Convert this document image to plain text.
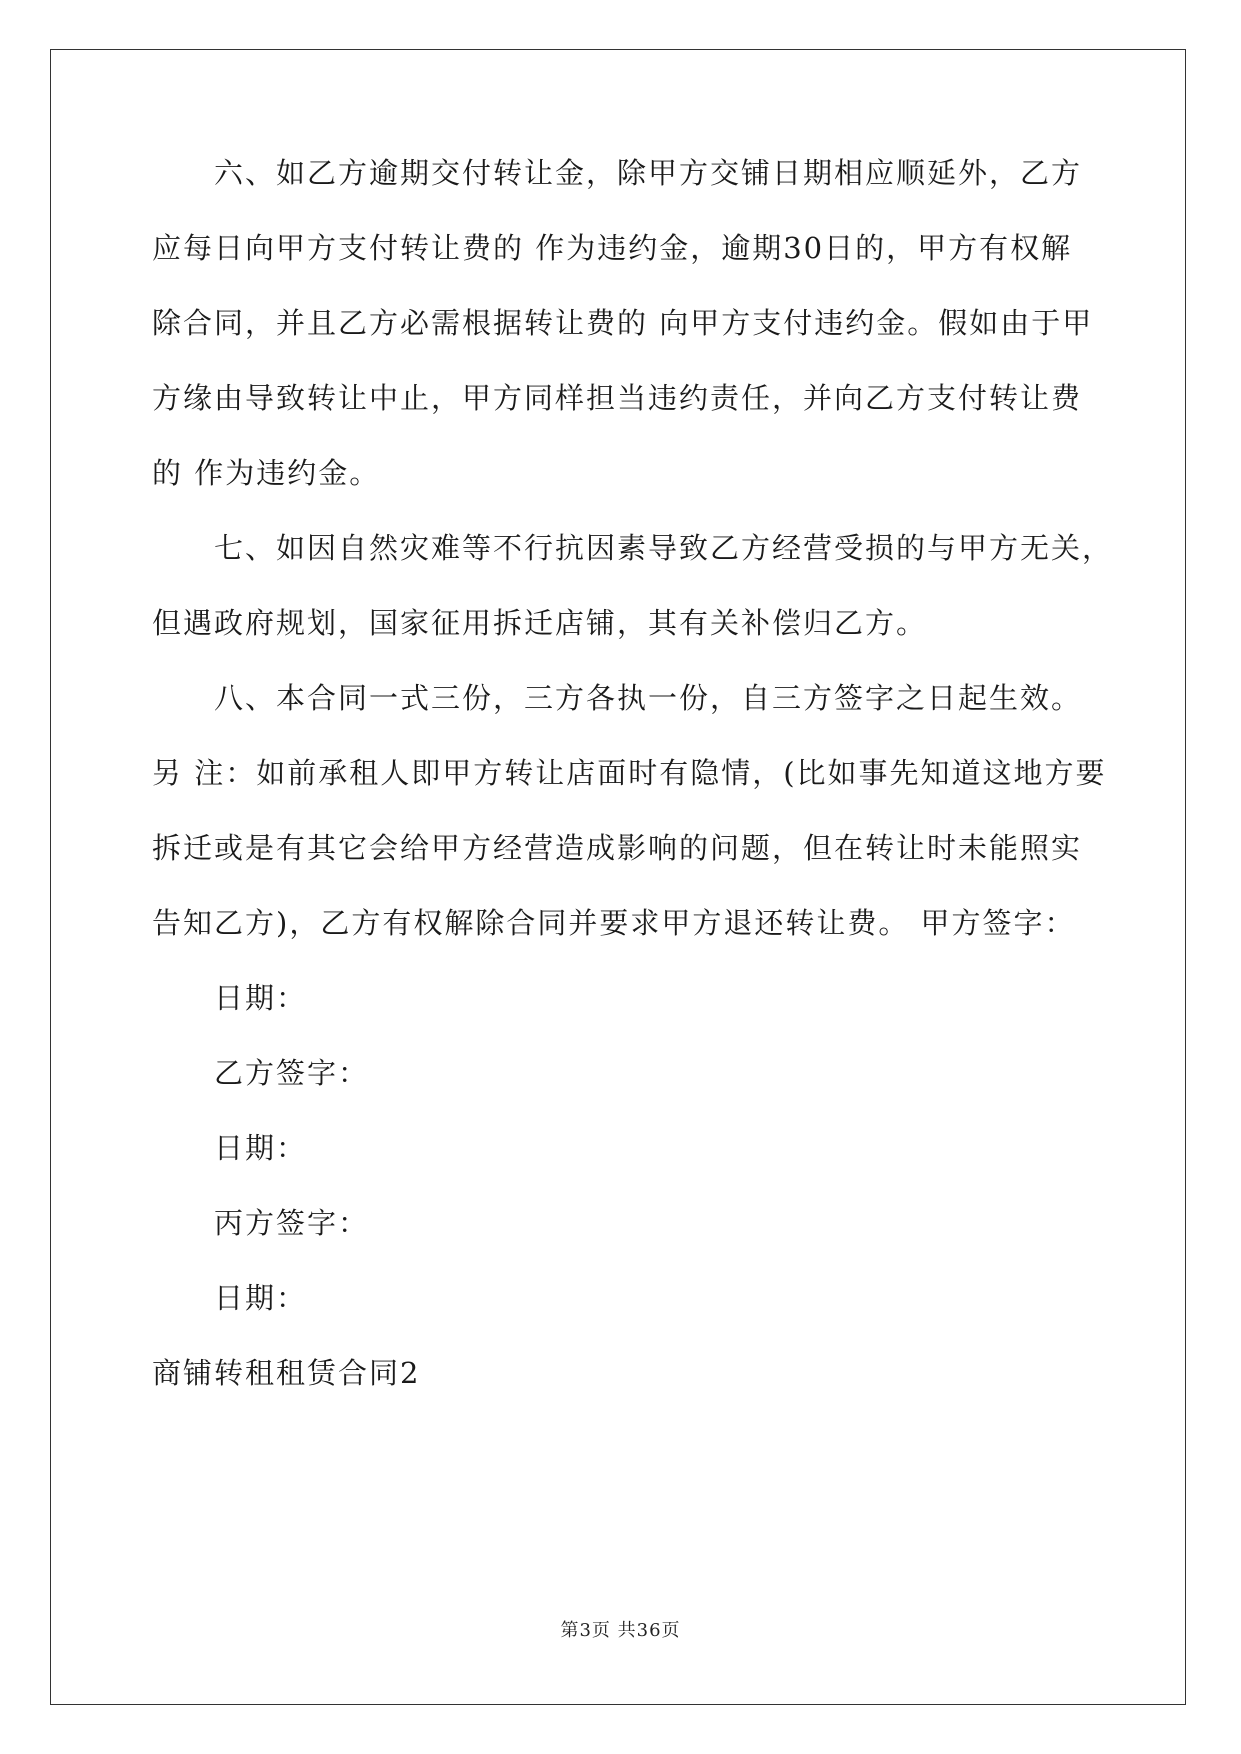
六、如乙方逾期交付转让金，除甲方交铺日期相应顺延外，乙方
应每日向甲方支付转让费的 作为违约金，逾期30日的，甲方有权解
除合同，并且乙方必需根据转让费的 向甲方支付违约金。假如由于甲
方缘由导致转让中止，甲方同样担当违约责任，并向乙方支付转让费
的 作为违约金。
七、如因自然灾难等不行抗因素导致乙方经营受损的与甲方无关，
但遇政府规划，国家征用拆迁店铺，其有关补偿归乙方。
八、本合同一式三份，三方各执一份，自三方签字之日起生效。
另 注：如前承租人即甲方转让店面时有隐情，(比如事先知道这地方要
拆迁或是有其它会给甲方经营造成影响的问题，但在转让时未能照实
告知乙方)，乙方有权解除合同并要求甲方退还转让费。 甲方签字：
日期：
乙方签字：
日期：
丙方签字：
日期：
商铺转租租赁合同2
第3页 共36页
